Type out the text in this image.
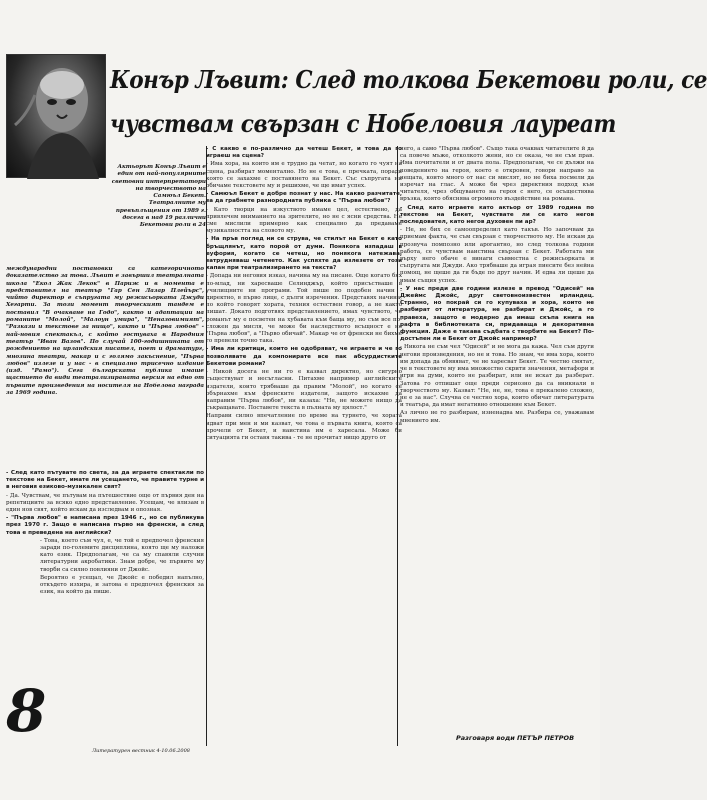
Конър Лъвит: След толкова Бекетови роли, се
чувствам свързан с Нобеловия лауреат
Актьорът Конър Лъвит е един от най-популярните световни интерпретатори на творчеството на Самюъл Бекет. Театралните му превъплъщения от 1989 г. досега в над 19 различни Бекетови роли в 24
международни постановки са категоричното доказателство за това. Лъвит е завършил театралната школа "Екол Жак Лекок" в Париж и в момента е представител на театър "Гар Сен Лазар Плейърс", чийто директор е съпругата му режисьорката Джуди Хегарти. За този момент творческият тандем е поставил "В очакване на Годо", както и адаптации на романите "Молой", "Малоун умира", "Неназовимият", "Разкази и текстове за нищо", както и "Първа любов" - най-новия спектакъл, с който гостуваха в Народния театър "Иван Вазов". По случай 100-годишнината от рождението на ирландския писател, поет и драматург, мнозина театри, макар и с голямо закъснение, "Първа любов" излезе и у нас - в специално трисечно издание (изд. "Рамо"). Сега българската публика имаше щастието да види театрализираната версия на едно от първите произведения на носителя на Нобелова награда за 1969 година.

- След като пътувате по света, за да играете спектакли по текстове на Бекет, имате ли усещането, че правите турне и в неговия езиково-музикален свят?

- Да. Чувствам, че пътувам на пътешествие още от първия ден на репетициите за всяко едно представление. Усещам, че влизам в един нов свят, който искам да изследвам и опозная.

- "Първа любов" е написана през 1946 г., но се публикува през 1970 г. Защо е написана първо на френски, а след това е преведена на английски?

- Това, което съм чул, е, че той е предпочел френския заради по-големите дисциплина, която ще му наложи като език. Предполагам, че са му спавяли случни литературни акробатики. Знам добре, че първите му творби са силно повлияни от Джойс.

Вероятно е усещал, че Джойс е победил напълно, откъдето изхира, и затова е предпочел френския за език, на който да пише.

8
Литературен вестник 4-10.06.2008

- С какво е по-различно да четеш Бекет, и това да го играеш на сцена?

- Има хора, на които им е трудно да четат, но когато го чуят на сцена, разбират моментално. Но не е това, е пречката, поради която се захахме с поставянето на Бекет. Със съпругата ни обичаме текстовете му и решихме, че ще имат успех.

- Самюъл Бекет е добре познат у нас. На какво разчитате, за да грабнете разнородната публика с "Първа любов"?

- Като творци на изкуството имаме цел, естествено, да привлечем вниманието на зрителите, но не с ясни средства. Не сме мислили примерно как специално да предаваме музикалността на словото му.

- На пръв поглед ни се струва, че стилът на Бекет е като бръщлянът, като порой от думи. Понякога изпадаш в еуфория, когато се четеш, но понякога натежава, затрудняваш четенето. Как успяхте да излезете от този капан при театрализирането на текста?

- Допада ни неговия изказ, начина му на писане. Още когато бях по-млад, ни харесваше Селинджър, който присъстваше в училищните ни програми. Той пише по подобен начин - директно, в първо лице, с дълги изречения. Представях начина, по който говорят хората, техния естествен говор, а не както пишат. Докато подготвях представлението, имах чувството, че романът му е посветен на хубавата към баща му, но съм все по-сложен да мисля, че може би наследството всъщност е не "Първа любов", а "Първо обичай". Макар че от френски не бихме го превели точно така.

- Има ли критици, които не одобряват, че играете и че го позволявате да компонирате все пак абсурдистките Бекетови романи?

- Никой досега не ни го е казвал директно, но сигурно съществуват и несъгласни. Питахме например английските издатели, които трябваше да правим "Молой", но когато се обърнахме към френските издатели, защото искахме да направим "Първа любов", ни казаха: "Не, не можете нищо да съкращавате. Поставете текста в пълната му цялост."

Направи силно впечатление по време на турнето, че хората идват при мен и ми казват, че това е първата книга, която са прочели от Бекет, и наистина им е харесала. Може би ситуацията ги оставя такива - те не прочитат нищо друго от

него, а само "Първа любов". Също така очаквах читателите й да са повече мъже, отколкото жени, но се оказа, че не съм прав. Има почитатели и от двата пола. Предполагам, че се дължи на поведението на героя, което е откровен, говори направо за нещата, които много от нас си мислят, но не биха посмели да изречат на глас. А може би чрез директния подход към читателя, чрез общуването на героя с него, се осъществява връзка, която обяснява огромното въздействие на романа.

- След като играете като актьор от 1989 година по текстове на Бекет, чувствате ли се като негов последовател, като негов духовен пи ар?

- Не, не бих се самоопределил като такъв. Но започвам да приемам факта, че съм свързан с творчеството му. Не искам да прозвуча помпозно или арогантно, но след толкова години работа, се чувствам наистина свързан с Бекет. Работата ми върху него обаче е винаги съвместна с режисьорката и съпругата ми Джуди. Ако трябваше да играя пиесите без нейна помощ, не щеше да ги бъде по друг начин. И едва ли щеше да имам същия успех.

- У нас преди две години излезе в превод "Одисей" на Джеймс Джойс, друг световноизвестен ирландец. Странно, но покрай си го купуваха и хора, които не разбират от литература, не разбират и Джойс, а го правеха, защото е модерно да имаш скъпа книга на рафта в библиотеката си, придаваща и декоративна функция. Даже е такава съдбата с творбите на Бекет? По-достъпен ли е Бекет от Джойс например?

- Никога не съм чел "Одисей" и не мога да кажа. Чел съм други негови произведения, но не и това. Но знам, че има хора, които им допада да обявяват, че не харесват Бекет. Те честно смятат, че в текстовете му има множество скрити значения, метафори и игри на думи, които не разбират, или не искат да разберат. Затова го отпишат още преди сериозно да са вникнали в творчеството му. Казват: "Не, не, не, това е прекалено сложно, не е за нас". Случва се честно хора, които обичат литературата и театъра, да имат негативно отношение към Бекет.

Аз лично не го разбирам, изненадва ме. Разбира се, уважавам мнението им.

Разговаря води ПЕТЪР ПЕТРОВ
